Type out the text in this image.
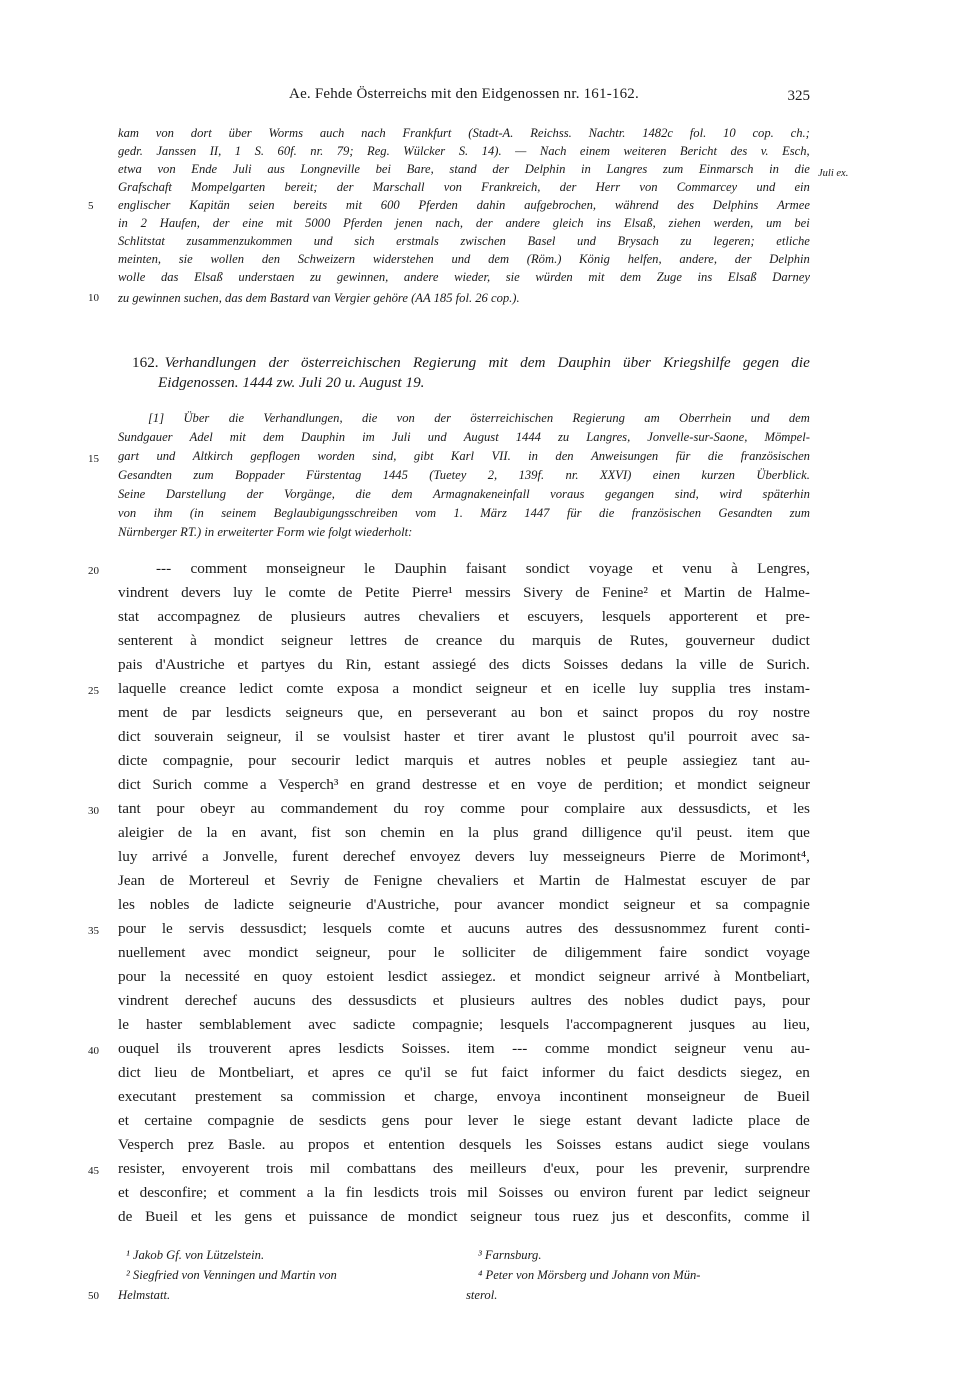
Ae. Fehde Österreichs mit den Eidgenossen nr. 161-162.	325
kam von dort über Worms auch nach Frankfurt (Stadt-A. Reichss. Nachtr. 1482c fol. 10 cop. ch.;
gedr. Janssen II, 1 S. 60f. nr. 79; Reg. Wülcker S. 14). — Nach einem weiteren Bericht des v. Esch,
etwa von Ende Juli aus Longneville bei Bare, stand der Delphin in Langres zum Einmarsch in die
Grafschaft Mompelgarten bereit; der Marschall von Frankreich, der Herr von Commarcey und ein
englischer Kapitän seien bereits mit 600 Pferden dahin aufgebrochen, während des Delphins Armee
in 2 Haufen, der eine mit 5000 Pferden jenen nach, der andere gleich ins Elsaß, ziehen werden, um bei
Schlitstat zusammenzukommen und sich erstmals zwischen Basel und Brysach zu legeren; etliche
meinten, sie wollen den Schweizern widerstehen und dem (Röm.) König helfen, andere, der Delphin
wolle das Elsaß understaen zu gewinnen, andere wieder, sie würden mit dem Zuge ins Elsaß Darney
zu gewinnen suchen, das dem Bastard van Vergier gehöre (AA 185 fol. 26 cop.).
5
10
Juli ex.
162. Verhandlungen der österreichischen Regierung mit dem Dauphin über Kriegshilfe gegen die
Eidgenossen. 1444 zw. Juli 20 u. August 19.
[1] Über die Verhandlungen, die von der österreichischen Regierung am Oberrhein und dem
Sundgauer Adel mit dem Dauphin im Juli und August 1444 zu Langres, Jonvelle-sur-Saone, Mömpel-
gart und Altkirch gepflogen worden sind, gibt Karl VII. in den Anweisungen für die französischen
Gesandten zum Boppader Fürstentag 1445 (Tuetey 2, 139f. nr. XXVI) einen kurzen Überblick.
Seine Darstellung der Vorgänge, die dem Armagnakeneinfall voraus gegangen sind, wird späterhin
von ihm (in seinem Beglaubigungsschreiben vom 1. März 1447 für die französischen Gesandten zum
Nürnberger RT.) in erweiterter Form wie folgt wiederholt:
15
--- comment monseigneur le Dauphin faisant sondict voyage et venu à Lengres,
vindrent devers luy le comte de Petite Pierre¹ messirs Sivery de Fenine² et Martin de Halme-
stat accompagnez de plusieurs autres chevaliers et escuyers, lesquels apporterent et pre-
senterent à mondict seigneur lettres de creance du marquis de Rutes, gouverneur dudict
pais d'Austriche et partyes du Rin, estant assiegé des dicts Soisses dedans la ville de Surich.
laquelle creance ledict comte exposa a mondict seigneur et en icelle luy supplia tres instam-
ment de par lesdicts seigneurs que, en perseverant au bon et sainct propos du roy nostre
dict souverain seigneur, il se voulsist haster et tirer avant le plustost qu'il pourroit avec sa-
dicte compagnie, pour secourir ledict marquis et autres nobles et peuple assiegiez tant au-
dict Surich comme a Vesperch³ en grand destresse et en voye de perdition; et mondict seigneur
tant pour obeyr au commandement du roy comme pour complaire aux dessusdicts, et les
aleigier de la en avant, fist son chemin en la plus grand dilligence qu'il peust. item que
luy arrivé a Jonvelle, furent derechef envoyez devers luy messeigneurs Pierre de Morimont⁴,
Jean de Mortereul et Sevriy de Fenigne chevaliers et Martin de Halmestat escuyer de par
les nobles de ladicte seigneurie d'Austriche, pour avancer mondict seigneur et sa compagnie
pour le servis dessusdict; lesquels comte et aucuns autres des dessusnommez furent conti-
nuellement avec mondict seigneur, pour le solliciter de diligemment faire sondict voyage
pour la necessité en quoy estoient lesdict assiegez. et mondict seigneur arrivé à Montbeliart,
vindrent derechef aucuns des dessusdicts et plusieurs aultres des nobles dudict pays, pour
le haster semblablement avec sadicte compagnie; lesquels l'accompagnerent jusques au lieu,
ouquel ils trouverent apres lesdicts Soisses. item --- comme mondict seigneur venu au-
dict lieu de Montbeliart, et apres ce qu'il se fut faict informer du faict desdicts siegez, en
executant prestement sa commission et charge, envoya incontinent monseigneur de Bueil
et certaine compagnie de sesdicts gens pour lever le siege estant devant ladicte place de
Vesperch prez Basle. au propos et entention desquels les Soisses estans audict siege voulans
resister, envoyerent trois mil combattans des meilleurs d'eux, pour les prevenir, surprendre
et desconfire; et comment a la fin lesdicts trois mil Soisses ou environ furent par ledict seigneur
de Bueil et les gens et puissance de mondict seigneur tous ruez jus et desconfits, comme il
20
25
30
35
40
45
¹ Jakob Gf. von Lützelstein.
² Siegfried von Venningen und Martin von
Helmstatt.
³ Farnsburg.
⁴ Peter von Mörsberg und Johann von Mün-
sterol.
50
